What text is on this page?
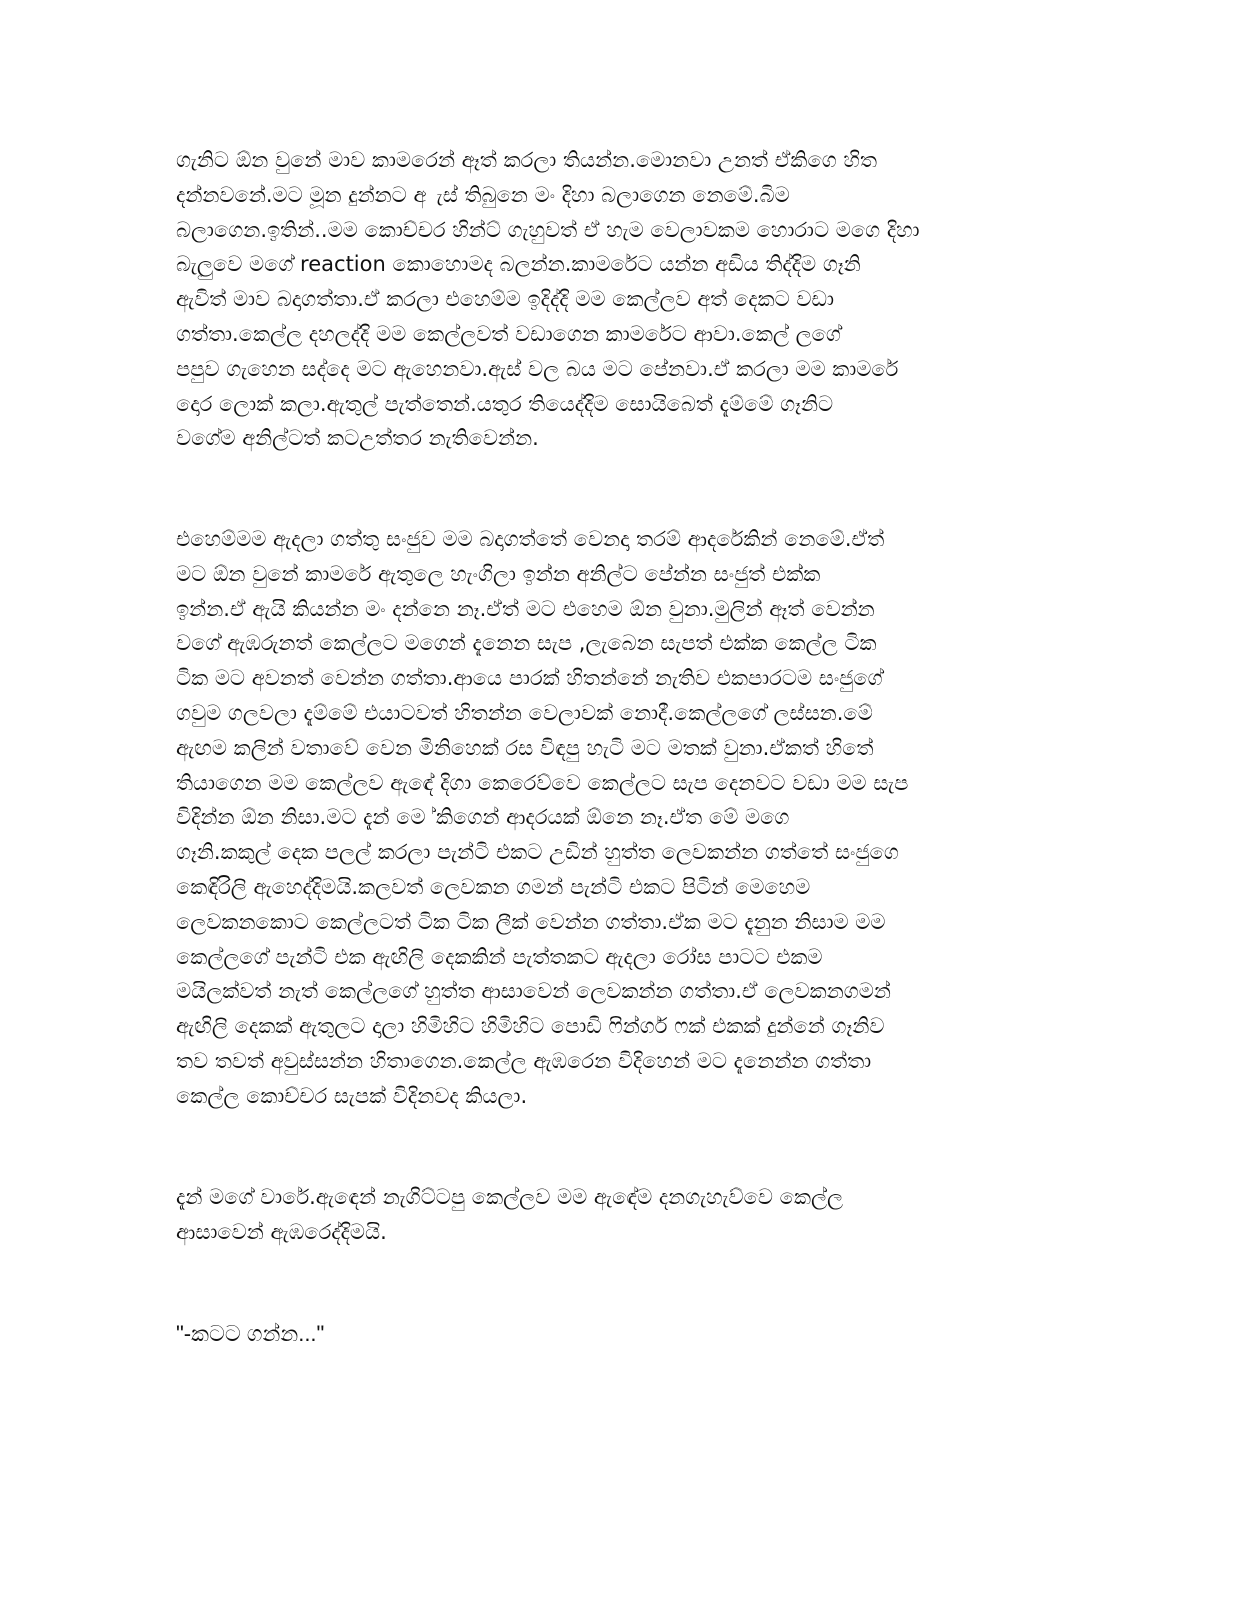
ගැනිට ඕන වුනේ මාව කාමරෙන් ඈත් කරලා තියන්න.මොනවා උනත් ඒකිගෙ හිත
දන්නවනේ.මට මූන දුන්නට අ ැස් තිබුනෙ මං දිහා බලාගෙන නෙමේ.බිම
බලාගෙන.ඉතින්..මම කොච්චර හින්ට් ගැහුවත් ඒ හැම වෙලාවකම හොරාට මගෙ දිහා
බැලුවෙ මගේ reaction කොහොමද බලන්න.කාමරේට යන්න අඩිය තිද්දිම ගෑනි
ඇවිත් මාව බදාගත්තා.ඒ කරලා එහෙම්ම ඉදිද්දි මම කෙල්ලව අත් දෙකට වඩා
ගත්තා.කෙල්ල දහලද්දි මම කෙල්ලවත් වඩාගෙන කාමරේට ආවා.කෙල් ලගේ
පපුව ගැහෙන සද්දෙ මට ඇහෙනවා.ඇස් වල බය මට පේනවා.ඒ කරලා මම කාමරේ
දොර ලොක් කලා.ඇතුල් පැත්තෙන්.යතුර තියෙද්දිම සොයිබෙත් දැම්මේ ගෑනිට
වගේම අනිල්ටත් කටඋත්තර නැතිවෙන්න.
එහෙම්මම ඇදලා ගත්තු සංජුව මම බදාගත්තේ වෙනදා තරම් ආදරේකින් නෙමේ.ඒත්
මට ඕන වුනේ කාමරේ ඇතුලෙ හැංගිලා ඉන්න අනිල්ට පේන්න සංජුත් එක්ක
ඉන්න.ඒ ඇයි කියන්න මං දන්නෙ නෑ.ඒත් මට එහෙම ඕන වුනා.මුලින් ඈත් වෙන්න
වගේ ඇඹරුනත් කෙල්ලට මගෙන් දැනෙන සැප ,ලැබෙන සැපත් එක්ක කෙල්ල ටික
ටික මට අවනත් වෙන්න ගත්තා.ආයෙ පාරක් හිතන්නේ නැතිව එකපාරටම සංජුගේ
ගවුම ගලවලා දැම්මේ එයාටවත් හිතන්න වෙලාවක් නොදී.කෙල්ලගේ ලස්සන.මේ
ඇඟම කලින් වතාවේ වෙන මිනිහෙක් රස විඳපු හැටි මට මතක් වුනා.ඒකත් හිතේ
තියාගෙන මම කෙල්ලව ඇඳේ දිගා කෙරෙව්වෙ කෙල්ලට සැප දෙනවට වඩා මම සැප
විදින්න ඕන නිසා.මට දැන් මෙ ්කිගෙන් ආදරයක් ඕනෙ නෑ.ඒත මේ මගෙ
ගෑනි.කකුල් දෙක පලල් කරලා පැන්ටි එකට උඩින් හුත්ත ලෙවකන්න ගත්තේ සංජුගෙ
කෙඳිරිලි ඇහෙද්දිමයි.කලවත් ලෙවකන ගමන් පැන්ටි එකට පිටින් මෙහෙම
ලෙවකනකොට කෙල්ලටත් ටික ටික ලීක් වෙන්න ගත්තා.ඒක මට දැනුන නිසාම මම
කෙල්ලගේ පැන්ටි එක ඇඟිලි දෙකකින් පැත්තකට ඇදලා රෝස පාටට එකම
මයිලක්වත් නැත් කෙල්ලගේ හුත්ත ආසාවෙන් ලෙවකන්න ගත්තා.ඒ ලෙවකනගමන්
ඇඟිලි දෙකක් ඇතුලට දාලා හිමිහිට හිමිහිට පොඩි ෆින්ගර් ෆක් එකක් දුන්නේ ගෑනිව
තව තවත් අවුස්සන්න හිතාගෙන.කෙල්ල ඇඹරෙන විදිහෙන් මට දැනෙන්න ගත්තා
කෙල්ල කොච්චර සැපක් විදිනවද කියලා.
දැන් මගේ වාරේ.ඇඳෙන් නැගිට්ටපු කෙල්ලව මම ඇඳේම දනගැහැව්වෙ කෙල්ල
ආසාවෙන් ඇඹරෙද්දිමයි.
"-කටට ගන්න..."
